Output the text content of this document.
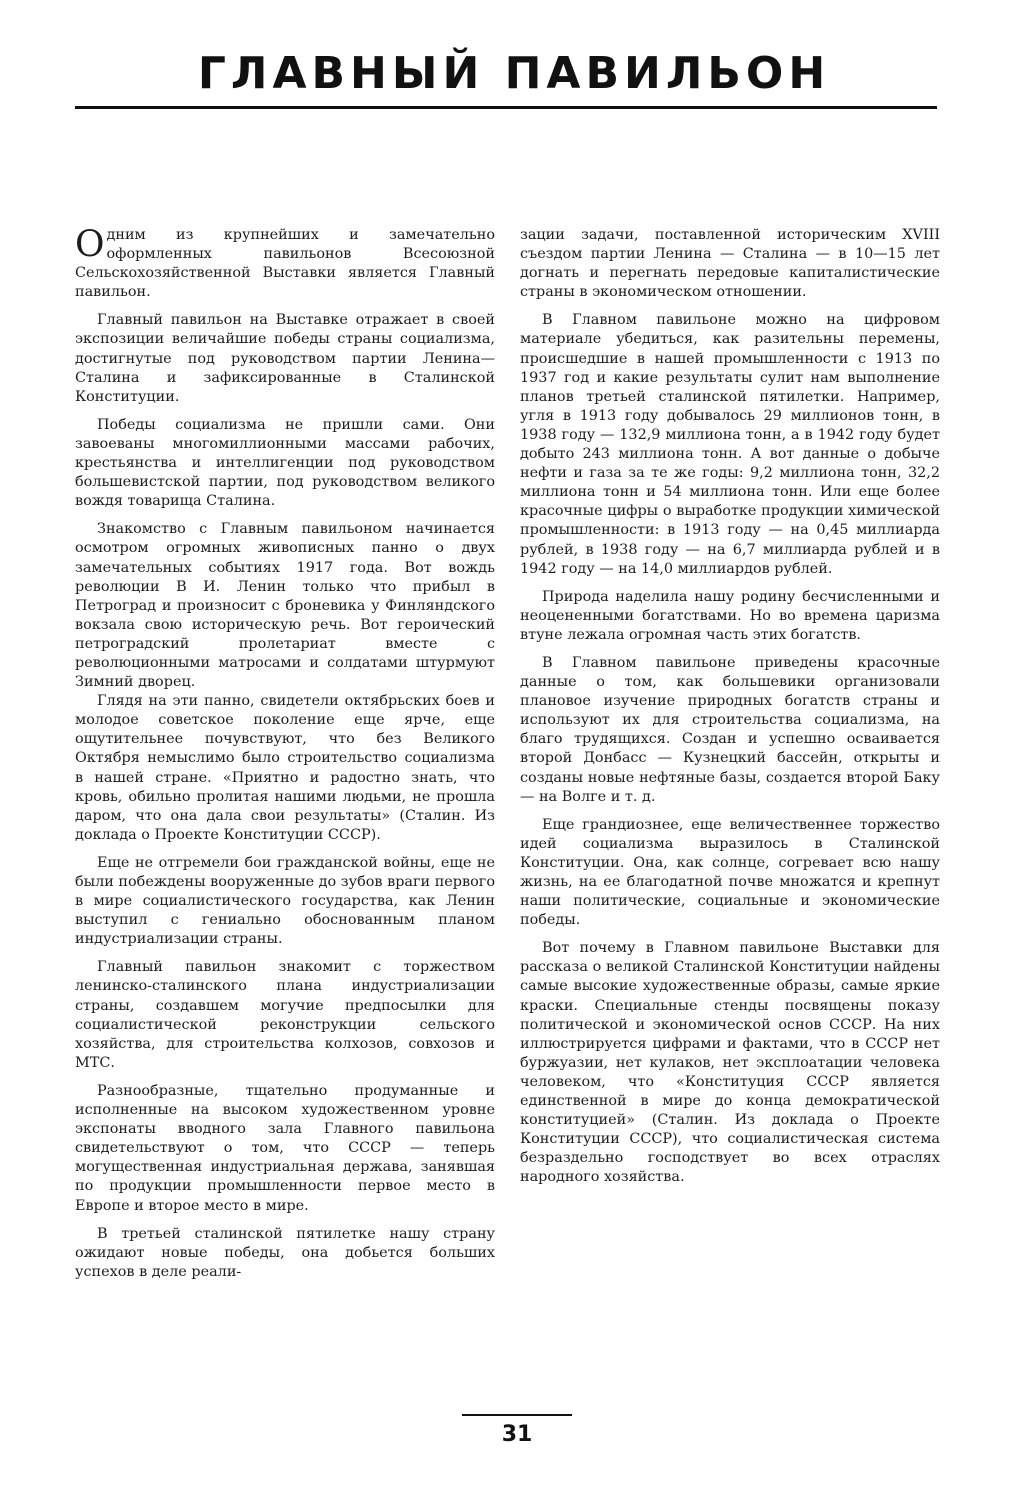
ГЛАВНЫЙ ПАВИЛЬОН

Одним из крупнейших и замечательно оформленных павильонов Всесоюзной Сельскохозяйственной Выставки является Главный павильон.

Главный павильон на Выставке отражает в своей экспозиции величайшие победы страны социализма, достигнутые под руководством партии Ленина—Сталина и зафиксированные в Сталинской Конституции.

Победы социализма не пришли сами. Они завоеваны многомиллионными массами рабочих, крестьянства и интеллигенции под руководством большевистской партии, под руководством великого вождя товарища Сталина.

Знакомство с Главным павильоном начинается осмотром огромных живописных панно о двух замечательных событиях 1917 года. Вот вождь революции В И. Ленин только что прибыл в Петроград и произносит с броневика у Финляндского вокзала свою историческую речь. Вот героический петроградский пролетариат вместе с революционными матросами и солдатами штурмуют Зимний дворец.

Глядя на эти панно, свидетели октябрьских боев и молодое советское поколение еще ярче, еще ощутительнее почувствуют, что без Великого Октября немыслимо было строительство социализма в нашей стране. «Приятно и радостно знать, что кровь, обильно пролитая нашими людьми, не прошла даром, что она дала свои результаты» (Сталин. Из доклада о Проекте Конституции СССР).

Еще не отгремели бои гражданской войны, еще не были побеждены вооруженные до зубов враги первого в мире социалистического государства, как Ленин выступил с гениально обоснованным планом индустриализации страны.

Главный павильон знакомит с торжеством ленинско-сталинского плана индустриализации страны, создавшем могучие предпосылки для социалистической реконструкции сельского хозяйства, для строительства колхозов, совхозов и МТС.

Разнообразные, тщательно продуманные и исполненные на высоком художественном уровне экспонаты вводного зала Главного павильона свидетельствуют о том, что СССР — теперь могущественная индустриальная держава, занявшая по продукции промышленности первое место в Европе и второе место в мире.

В третьей сталинской пятилетке нашу страну ожидают новые победы, она добьется больших успехов в деле реали-

зации задачи, поставленной историческим XVIII съездом партии Ленина — Сталина — в 10—15 лет догнать и перегнать передовые капиталистические страны в экономическом отношении.

В Главном павильоне можно на цифровом материале убедиться, как разительны перемены, происшедшие в нашей промышленности с 1913 по 1937 год и какие результаты сулит нам выполнение планов третьей сталинской пятилетки. Например, угля в 1913 году добывалось 29 миллионов тонн, в 1938 году — 132,9 миллиона тонн, а в 1942 году будет добыто 243 миллиона тонн. А вот данные о добыче нефти и газа за те же годы: 9,2 миллиона тонн, 32,2 миллиона тонн и 54 миллиона тонн. Или еще более красочные цифры о выработке продукции химической промышленности: в 1913 году — на 0,45 миллиарда рублей, в 1938 году — на 6,7 миллиарда рублей и в 1942 году — на 14,0 миллиардов рублей.

Природа наделила нашу родину бесчисленными и неоцененными богатствами. Но во времена царизма втуне лежала огромная часть этих богатств.

В Главном павильоне приведены красочные данные о том, как большевики организовали плановое изучение природных богатств страны и используют их для строительства социализма, на благо трудящихся. Создан и успешно осваивается второй Донбасс — Кузнецкий бассейн, открыты и созданы новые нефтяные базы, создается второй Баку — на Волге и т. д.

Еще грандиознее, еще величественнее торжество идей социализма выразилось в Сталинской Конституции. Она, как солнце, согревает всю нашу жизнь, на ее благодатной почве множатся и крепнут наши политические, социальные и экономические победы.

Вот почему в Главном павильоне Выставки для рассказа о великой Сталинской Конституции найдены самые высокие художественные образы, самые яркие краски. Специальные стенды посвящены показу политической и экономической основ СССР. На них иллюстрируется цифрами и фактами, что в СССР нет буржуазии, нет кулаков, нет эксплоатации человека человеком, что «Конституция СССР является единственной в мире до конца демократической конституцией» (Сталин. Из доклада о Проекте Конституции СССР), что социалистическая система безраздельно господствует во всех отраслях народного хозяйства.

31
